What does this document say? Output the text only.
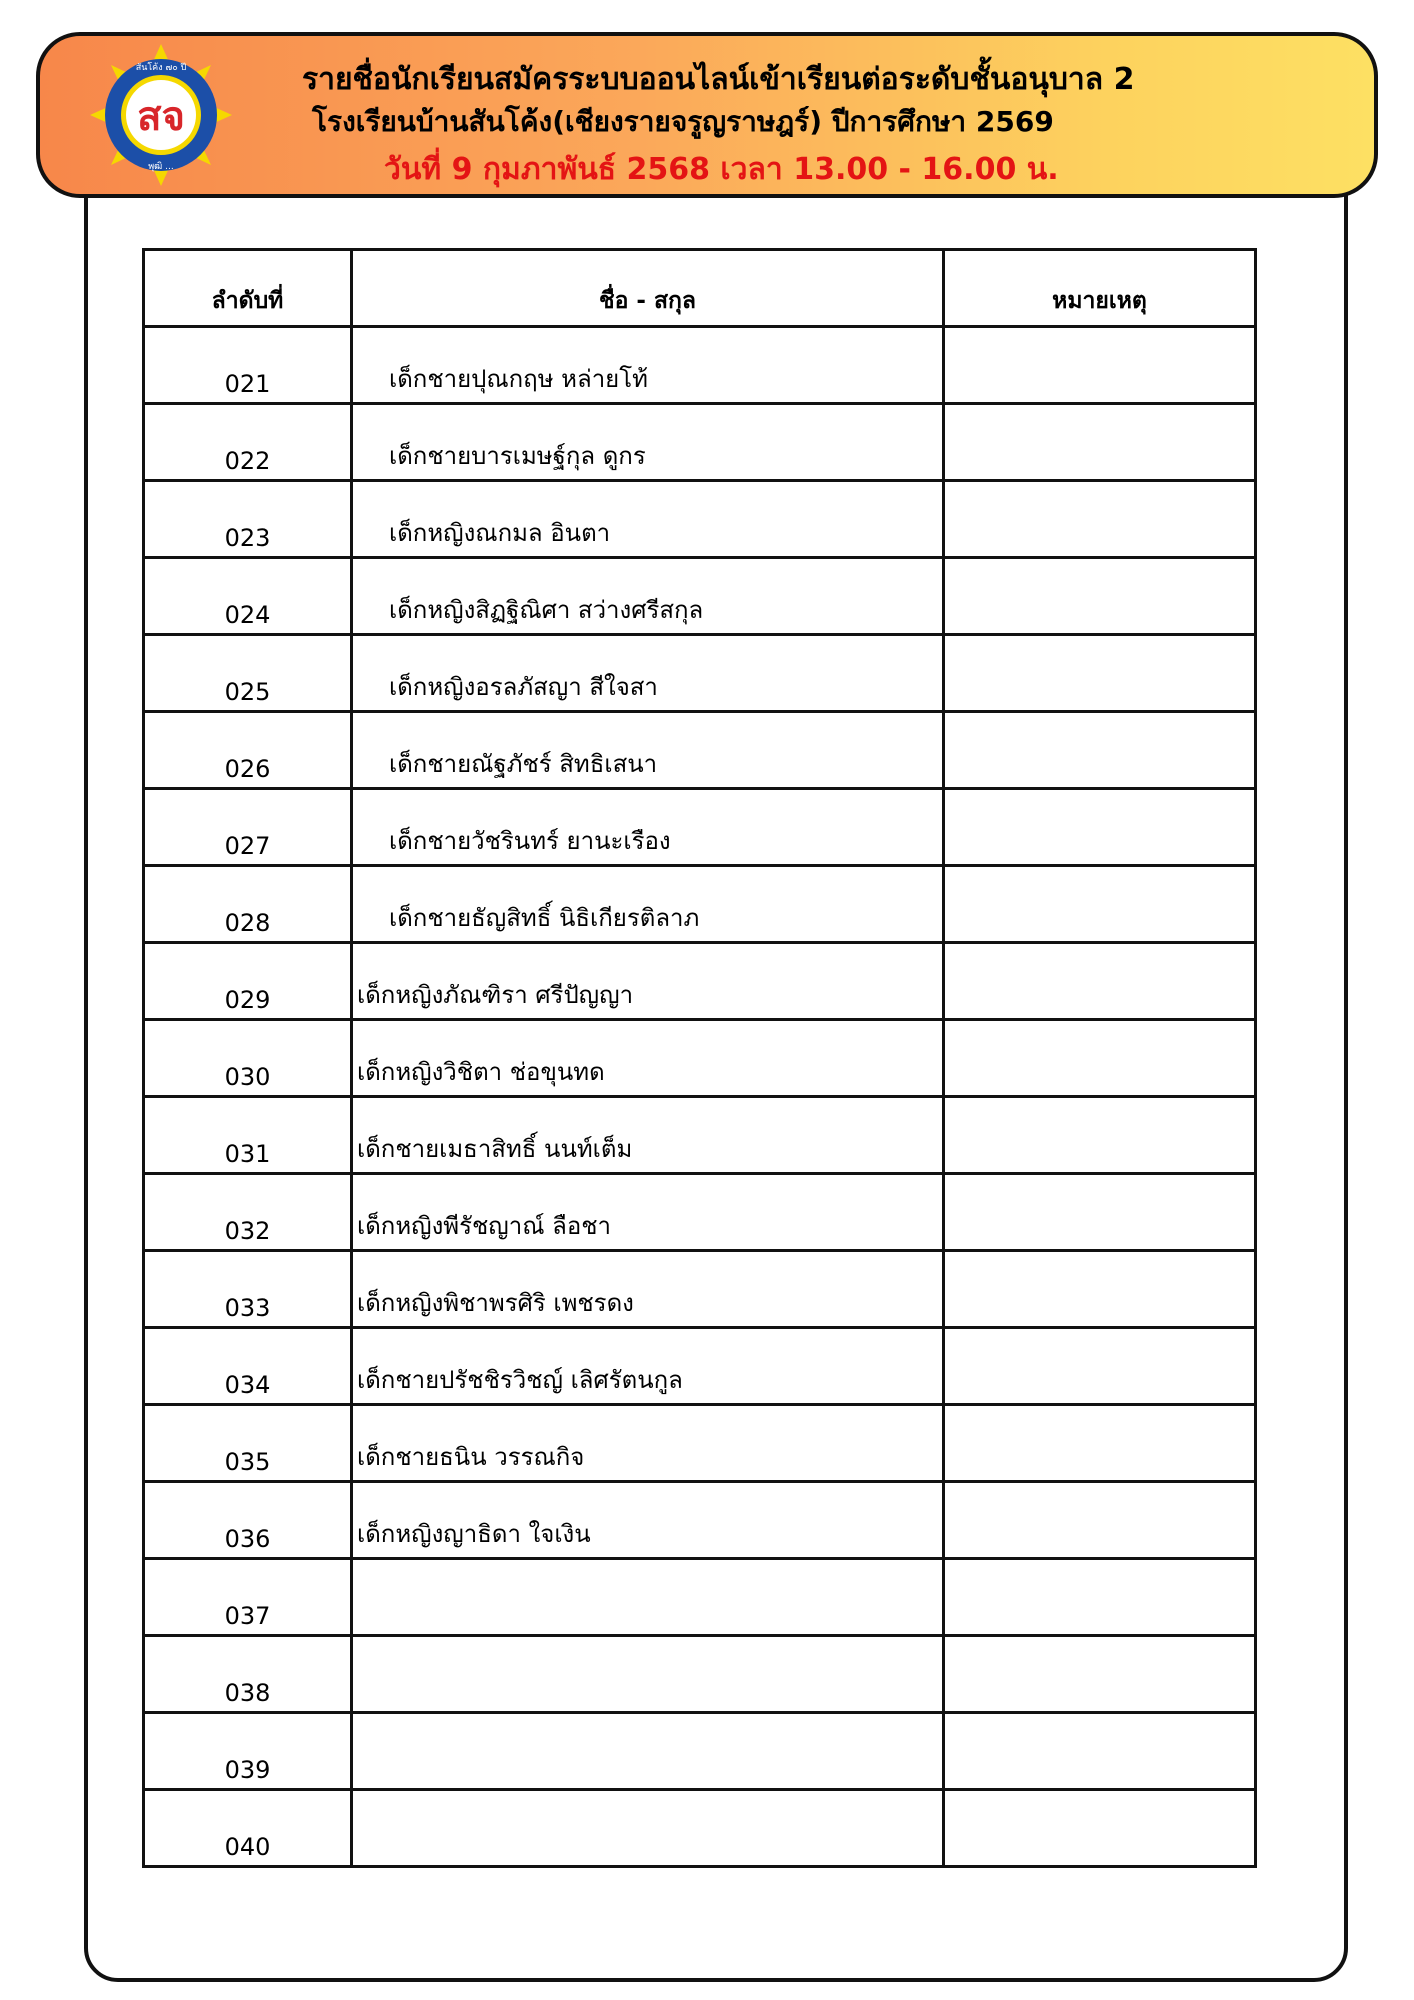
สจ
สันโค้ง ๗๐ ปี
พุฒิ ...
รายชื่อนักเรียนสมัครระบบออนไลน์เข้าเรียนต่อระดับชั้นอนุบาล 2
โรงเรียนบ้านสันโค้ง(เชียงรายจรูญราษฎร์) ปีการศึกษา 2569
วันที่ 9 กุมภาพันธ์ 2568 เวลา 13.00 - 16.00 น.
ลำดับที่	ชื่อ - สกุล	หมายเหตุ
021	เด็กชายปุณกฤษ หล่ายโท้	
022	เด็กชายบารเมษฐ์กุล ดูกร	
023	เด็กหญิงณกมล อินตา	
024	เด็กหญิงสิฏฐิณิศา สว่างศรีสกุล	
025	เด็กหญิงอรลภัสญา สีใจสา	
026	เด็กชายณัฐภัชร์ สิทธิเสนา	
027	เด็กชายวัชรินทร์ ยานะเรือง	
028	เด็กชายธัญสิทธิ์ นิธิเกียรติลาภ	
029	เด็กหญิงภัณฑิรา ศรีปัญญา	
030	เด็กหญิงวิชิตา ช่อขุนทด	
031	เด็กชายเมธาสิทธิ์ นนท์เต็ม	
032	เด็กหญิงพีรัชญาณ์ ลือชา	
033	เด็กหญิงพิชาพรศิริ เพชรดง	
034	เด็กชายปรัชชิรวิชญ์ เลิศรัตนกูล	
035	เด็กชายธนิน วรรณกิจ	
036	เด็กหญิงญาธิดา ใจเงิน	
037		
038		
039		
040		
